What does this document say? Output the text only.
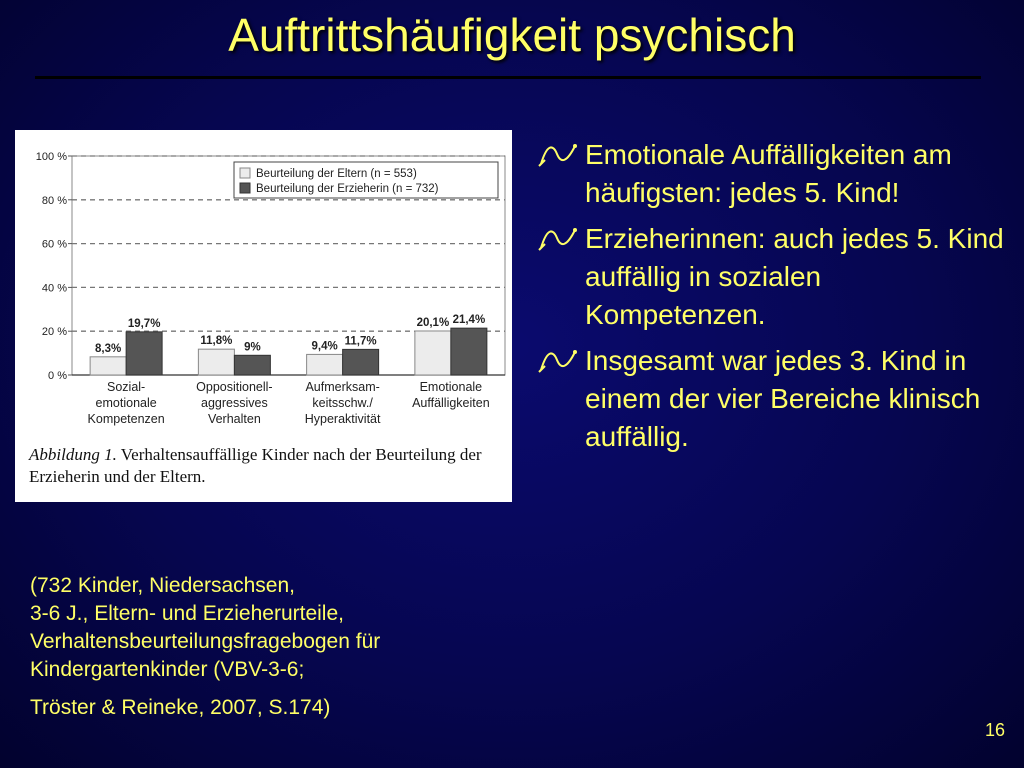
Auftrittshäufigkeit psychisch
0 %
20 %
40 %
60 %
80 %
100 %
8,3%
11,8%	9,4%
20,1%
19,7%
9%	11,7%
21,4%
Sozial-
emotionale
Kompetenzen
Oppositionell-
aggressives
Verhalten
Aufmerksam-
keitsschw./
Hyperaktivität
Emotionale
Auffälligkeiten
Beurteilung der Eltern (n = 553)
Beurteilung der Erzieherin (n = 732)
Abbildung 1. Verhaltensauffällige Kinder nach der Beurteilung der Erzieherin und der Eltern.
Emotionale Auffälligkeiten am häufigsten: jedes 5. Kind!
Erzieherinnen: auch jedes 5. Kind auffällig in sozialen Kompetenzen.
Insgesamt war jedes 3. Kind in einem der vier Bereiche klinisch auffällig.
(732 Kinder, Niedersachsen,
3-6 J., Eltern- und Erzieherurteile,
Verhaltensbeurteilungsfragebogen für
Kindergartenkinder (VBV-3-6;
Tröster & Reineke, 2007, S.174)
16
